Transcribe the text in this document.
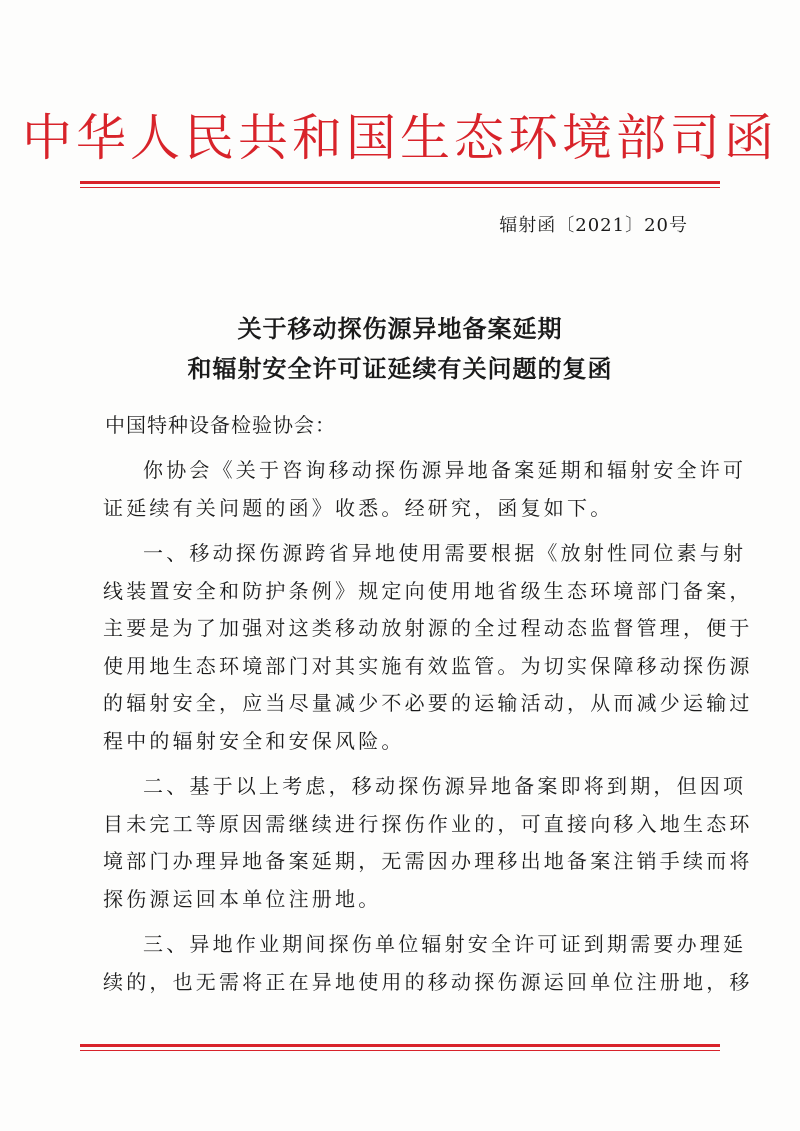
中华人民共和国生态环境部司函
辐射函〔2021〕20号
关于移动探伤源异地备案延期
和辐射安全许可证延续有关问题的复函
中国特种设备检验协会：
你协会《关于咨询移动探伤源异地备案延期和辐射安全许可
证延续有关问题的函》收悉。经研究，函复如下。
一、移动探伤源跨省异地使用需要根据《放射性同位素与射
线装置安全和防护条例》规定向使用地省级生态环境部门备案，
主要是为了加强对这类移动放射源的全过程动态监督管理，便于
使用地生态环境部门对其实施有效监管。为切实保障移动探伤源
的辐射安全，应当尽量减少不必要的运输活动，从而减少运输过
程中的辐射安全和安保风险。
二、基于以上考虑，移动探伤源异地备案即将到期，但因项
目未完工等原因需继续进行探伤作业的，可直接向移入地生态环
境部门办理异地备案延期，无需因办理移出地备案注销手续而将
探伤源运回本单位注册地。
三、异地作业期间探伤单位辐射安全许可证到期需要办理延
续的，也无需将正在异地使用的移动探伤源运回单位注册地，移
